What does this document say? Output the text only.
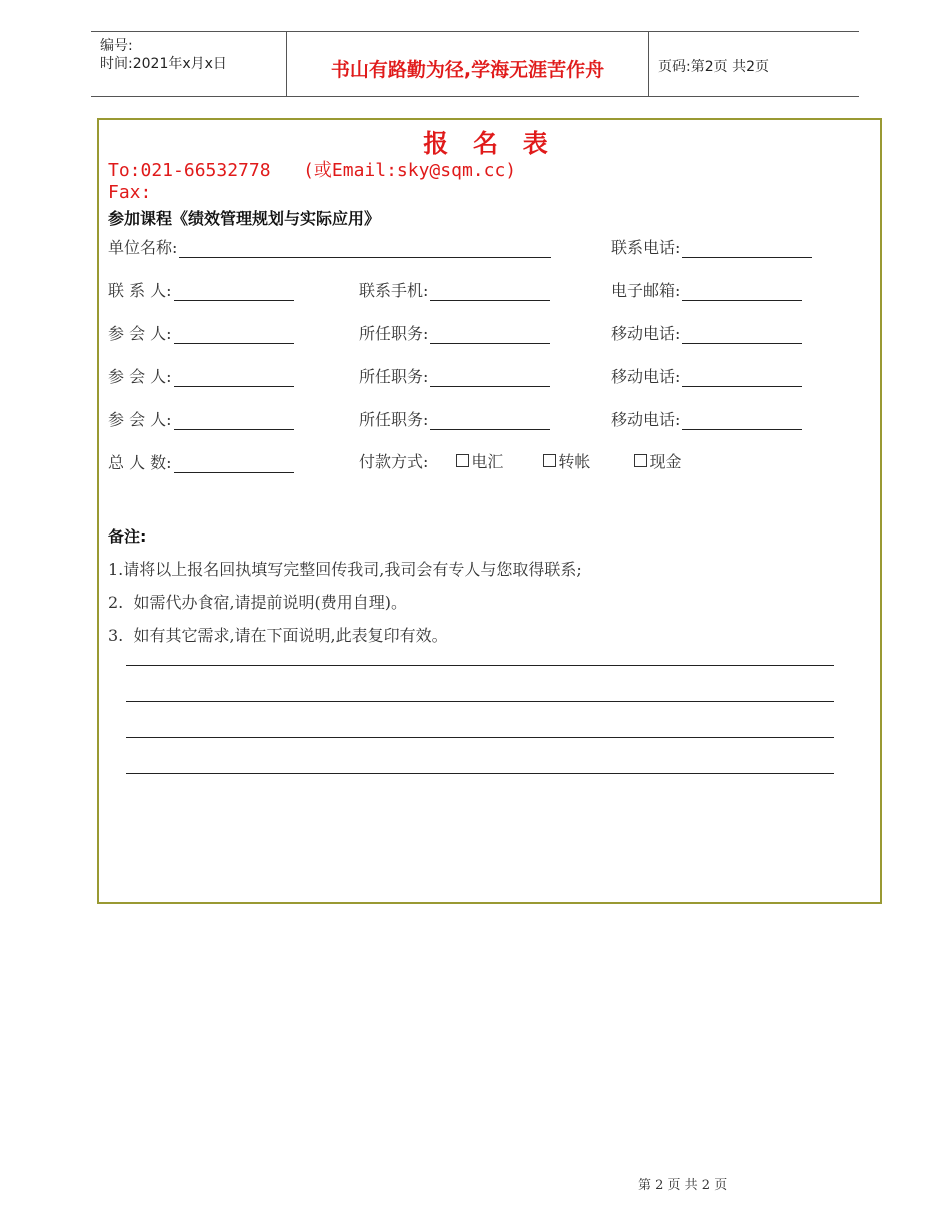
编号:
时间:2021年x月x日	书山有路勤为径,学海无涯苦作舟	页码:第2页 共2页
报 名 表
To:021-66532778   (或Email:sky@sqm.cc)
Fax:
参加课程《绩效管理规划与实际应用》
单位名称:	联系电话:
联 系 人:	联系手机:	电子邮箱:
参 会 人:	所任职务:	移动电话:
参 会 人:	所任职务:	移动电话:
参 会 人:	所任职务:	移动电话:
总 人 数:	付款方式:	电汇	转帐	现金
备注:
1.请将以上报名回执填写完整回传我司,我司会有专人与您取得联系;
2.  如需代办食宿,请提前说明(费用自理)。
3.  如有其它需求,请在下面说明,此表复印有效。
第 2 页 共 2 页
